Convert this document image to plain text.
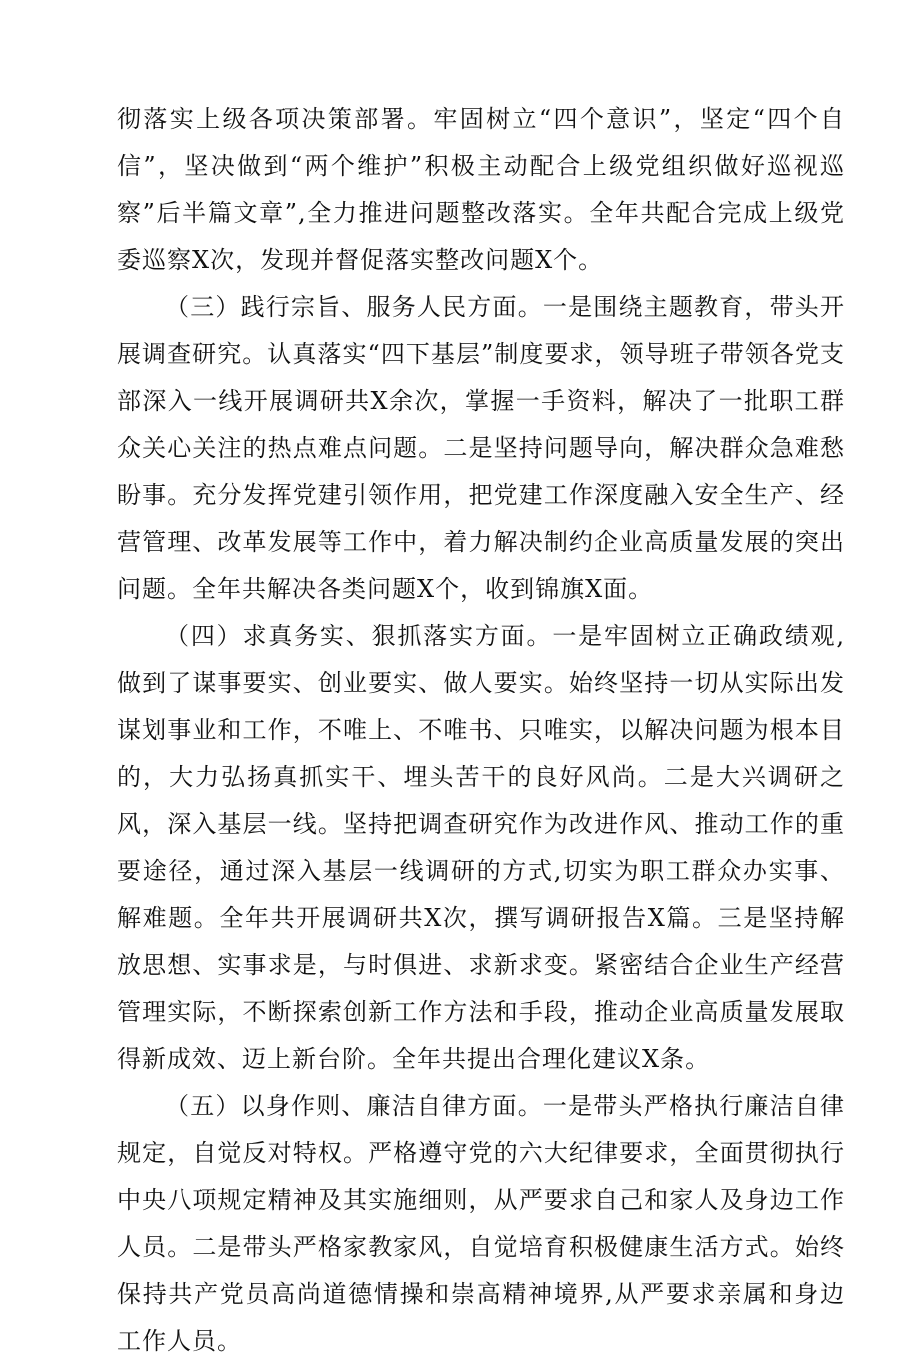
彻落实上级各项决策部署。牢固树立“四个意识”，坚定“四个自信”，坚决做到“两个维护”积极主动配合上级党组织做好巡视巡察”后半篇文章”,全力推进问题整改落实。全年共配合完成上级党委巡察X次，发现并督促落实整改问题X个。

（三）践行宗旨、服务人民方面。一是围绕主题教育，带头开展调查研究。认真落实“四下基层”制度要求，领导班子带领各党支部深入一线开展调研共X余次，掌握一手资料，解决了一批职工群众关心关注的热点难点问题。二是坚持问题导向，解决群众急难愁盼事。充分发挥党建引领作用，把党建工作深度融入安全生产、经营管理、改革发展等工作中，着力解决制约企业高质量发展的突出问题。全年共解决各类问题X个，收到锦旗X面。

（四）求真务实、狠抓落实方面。一是牢固树立正确政绩观,做到了谋事要实、创业要实、做人要实。始终坚持一切从实际出发谋划事业和工作，不唯上、不唯书、只唯实，以解决问题为根本目的，大力弘扬真抓实干、埋头苦干的良好风尚。二是大兴调研之风，深入基层一线。坚持把调查研究作为改进作风、推动工作的重要途径，通过深入基层一线调研的方式,切实为职工群众办实事、解难题。全年共开展调研共X次，撰写调研报告X篇。三是坚持解放思想、实事求是，与时俱进、求新求变。紧密结合企业生产经营管理实际，不断探索创新工作方法和手段，推动企业高质量发展取得新成效、迈上新台阶。全年共提出合理化建议X条。

（五）以身作则、廉洁自律方面。一是带头严格执行廉洁自律规定，自觉反对特权。严格遵守党的六大纪律要求，全面贯彻执行中央八项规定精神及其实施细则，从严要求自己和家人及身边工作人员。二是带头严格家教家风，自觉培育积极健康生活方式。始终保持共产党员高尚道德情操和崇高精神境界,从严要求亲属和身边工作人员。
